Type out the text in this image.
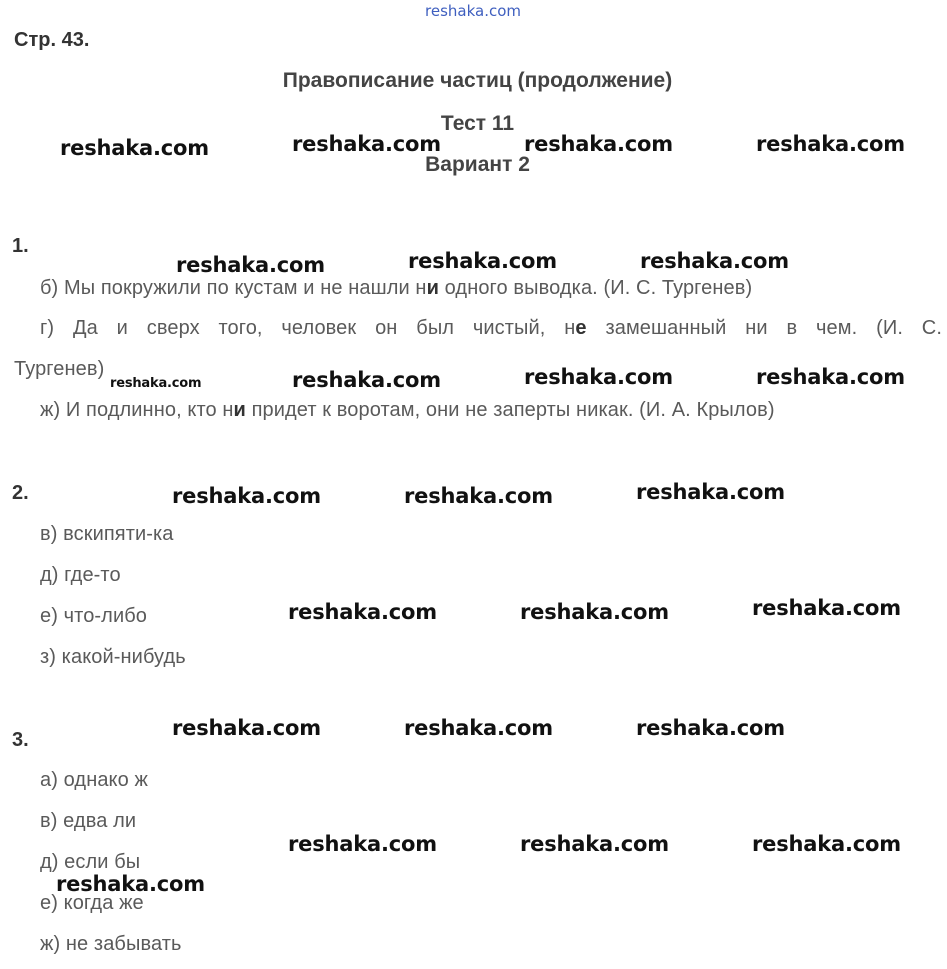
reshaka.com
Стр. 43.
Правописание частиц (продолжение)
Тест 11
Вариант 2
1.
б) Мы покружили по кустам и не нашли ни одного выводка. (И. С. Тургенев)
г) Да и сверх того, человек он был чистый, не замешанный ни в чем. (И. С.
Тургенев)
ж) И подлинно, кто ни придет к воротам, они не заперты никак. (И. А. Крылов)
2.
в) вскипяти-ка
д) где-то
е) что-либо
з) какой-нибудь
3.
а) однако ж
в) едва ли
д) если бы
е) когда же
ж) не забывать
reshaka.com	reshaka.com	reshaka.com	reshaka.com
reshaka.com	reshaka.com	reshaka.com
reshaka.com	reshaka.com	reshaka.com	reshaka.com
reshaka.com	reshaka.com	reshaka.com
reshaka.com	reshaka.com	reshaka.com
reshaka.com	reshaka.com	reshaka.com
reshaka.com	reshaka.com	reshaka.com
reshaka.com
